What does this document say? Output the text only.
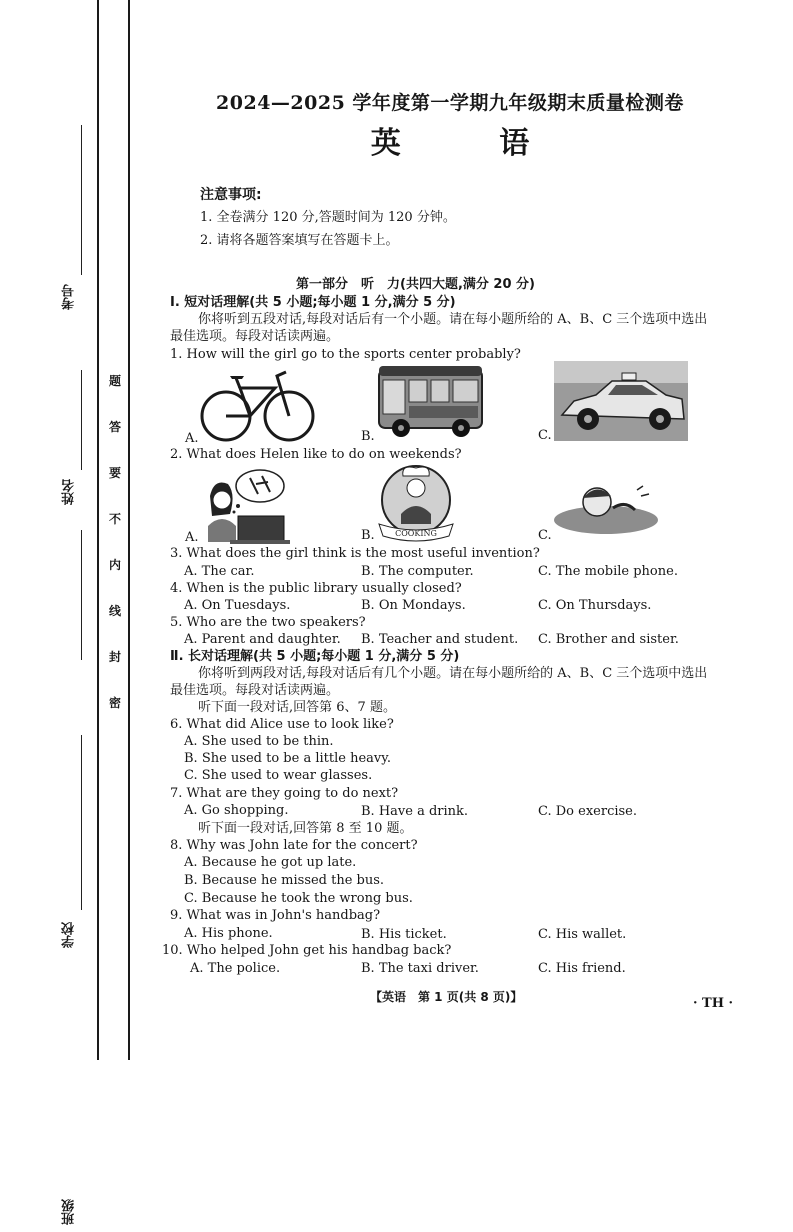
考号
姓名
班级
学校
题
答
要
不
内
线
封
密
2024—2025 学年度第一学期九年级期末质量检测卷
英 语
注意事项:
1. 全卷满分 120 分,答题时间为 120 分钟。
2. 请将各题答案填写在答题卡上。
第一部分　听　力(共四大题,满分 20 分)
Ⅰ. 短对话理解(共 5 小题;每小题 1 分,满分 5 分)
你将听到五段对话,每段对话后有一个小题。请在每小题所给的 A、B、C 三个选项中选出
最佳选项。每段对话读两遍。
1. How will the girl go to the sports center probably?
A.	B.	C.
2. What does Helen like to do on weekends?
A.	B.	C.
COOKING
3. What does the girl think is the most useful invention?
A. The car.	B. The computer.	C. The mobile phone.
4. When is the public library usually closed?
A. On Tuesdays.	B. On Mondays.	C. On Thursdays.
5. Who are the two speakers?
A. Parent and daughter. B. Teacher and student. C. Brother and sister.
Ⅱ. 长对话理解(共 5 小题;每小题 1 分,满分 5 分)
你将听到两段对话,每段对话后有几个小题。请在每小题所给的 A、B、C 三个选项中选出
最佳选项。每段对话读两遍。
听下面一段对话,回答第 6、7 题。
6. What did Alice use to look like?
A. She used to be thin.
B. She used to be a little heavy.
C. She used to wear glasses.
7. What are they going to do next?
A. Go shopping.	B. Have a drink.	C. Do exercise.
听下面一段对话,回答第 8 至 10 题。
8. Why was John late for the concert?
A. Because he got up late.
B. Because he missed the bus.
C. Because he took the wrong bus.
9. What was in John's handbag?
A. His phone.	B. His ticket.	C. His wallet.
10. Who helped John get his handbag back?
A. The police.	B. The taxi driver.	C. His friend.
【英语　第 1 页(共 8 页)】	· TH ·
